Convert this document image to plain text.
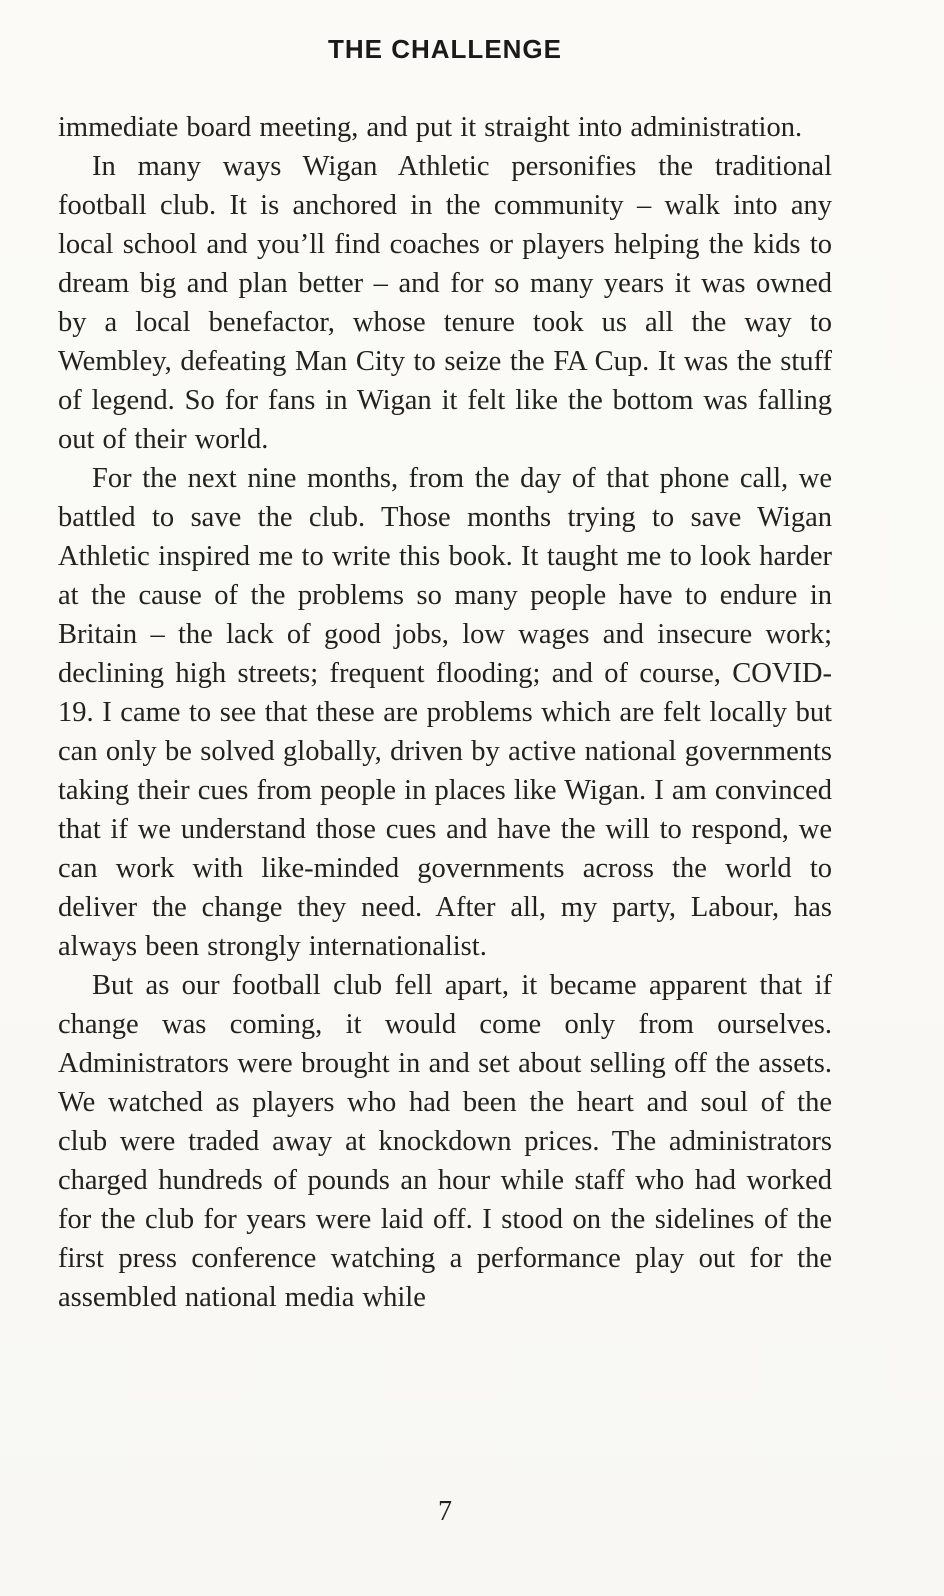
THE CHALLENGE

immediate board meeting, and put it straight into administration.

In many ways Wigan Athletic personifies the traditional football club. It is anchored in the community – walk into any local school and you’ll find coaches or players helping the kids to dream big and plan better – and for so many years it was owned by a local benefactor, whose tenure took us all the way to Wembley, defeating Man City to seize the FA Cup. It was the stuff of legend. So for fans in Wigan it felt like the bottom was falling out of their world.

For the next nine months, from the day of that phone call, we battled to save the club. Those months trying to save Wigan Athletic inspired me to write this book. It taught me to look harder at the cause of the problems so many people have to endure in Britain – the lack of good jobs, low wages and insecure work; declining high streets; frequent flooding; and of course, COVID-19. I came to see that these are problems which are felt locally but can only be solved globally, driven by active national governments taking their cues from people in places like Wigan. I am convinced that if we understand those cues and have the will to respond, we can work with like-minded governments across the world to deliver the change they need. After all, my party, Labour, has always been strongly internationalist.

But as our football club fell apart, it became apparent that if change was coming, it would come only from ourselves. Administrators were brought in and set about selling off the assets. We watched as players who had been the heart and soul of the club were traded away at knockdown prices. The administrators charged hundreds of pounds an hour while staff who had worked for the club for years were laid off. I stood on the sidelines of the first press conference watching a performance play out for the assembled national media while

7
